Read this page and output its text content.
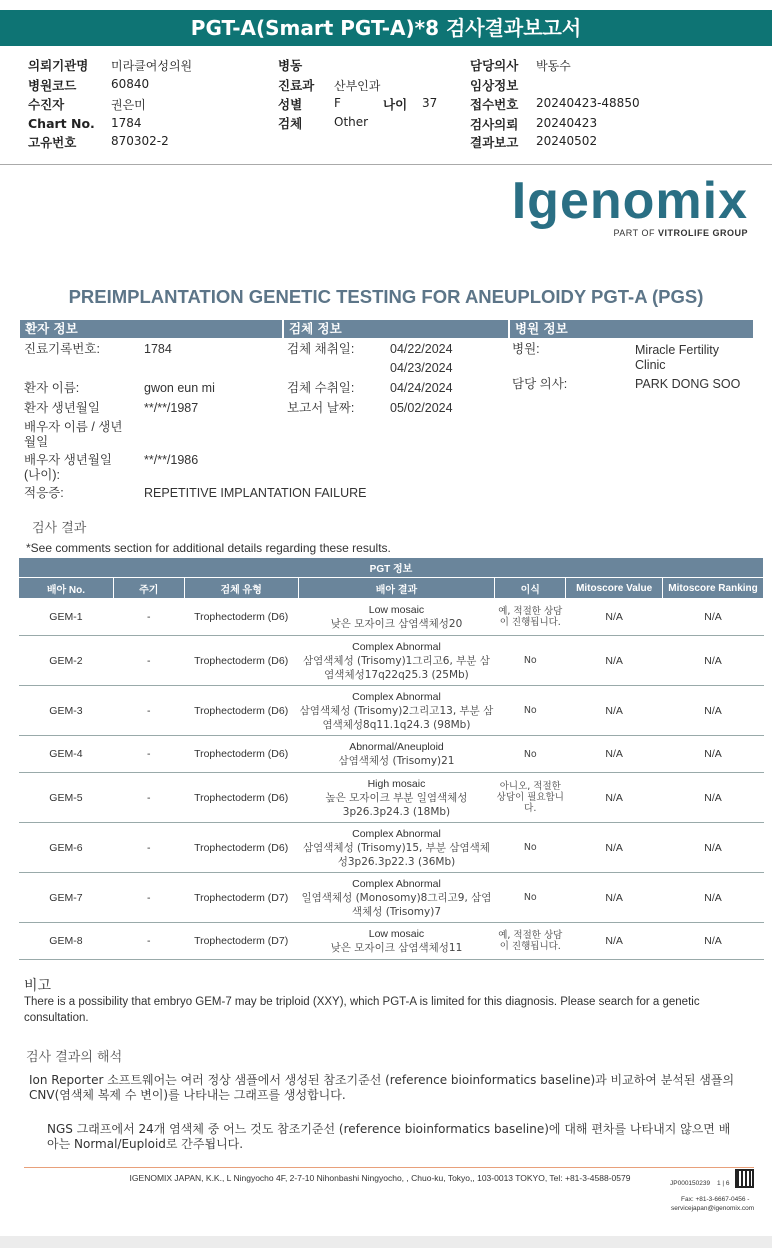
PGT-A(Smart PGT-A)*8 검사결과보고서
의뢰기관명 미라클여성의원
병원코드	60840
수진자	권은미
Chart No. 1784
고유번호	870302-2
병동
진료과 산부인과
성별	F	나이 37
검체	Other
담당의사 박동수
임상정보
접수번호 20240423-48850
검사의뢰 20240423
결과보고 20240502
Igenomix
PART OF VITROLIFE GROUP
PREIMPLANTATION GENETIC TESTING FOR ANEUPLOIDY PGT-A (PGS)
환자 정보	검체 정보	병원 정보
진료기록번호:	1784
환자 이름:	gwon eun mi
환자 생년월일	**/**/1987
배우자 이름 / 생년월일
배우자 생년월일 (나이):
**/**/1986
적응증:	REPETITIVE IMPLANTATION FAILURE
검체 채취일:	04/22/2024
04/23/2024
검체 수취일:	04/24/2024
보고서 날짜:	05/02/2024
병원:	Miracle Fertility Clinic
담당 의사:	PARK DONG SOO
검사 결과
*See comments section for additional details regarding these results.
PGT 정보						
배아 No.	주기	검체 유형	배아 결과	이식	Mitoscore Value	Mitoscore Ranking
GEM-1	-	Trophectoderm (D6)	Low mosaic
낮은 모자이크 삼염색체성20	예, 적절한 상담이 진행됩니다.	N/A	N/A
GEM-2	-	Trophectoderm (D6)	Complex Abnormal
삼염색체성 (Trisomy)1그리고6, 부분 삼염색체성17q22q25.3 (25Mb)	No	N/A	N/A
GEM-3	-	Trophectoderm (D6)	Complex Abnormal
삼염색체성 (Trisomy)2그리고13, 부분 삼염색체성8q11.1q24.3 (98Mb)	No	N/A	N/A
GEM-4	-	Trophectoderm (D6)	Abnormal/Aneuploid
삼염색체성 (Trisomy)21	No	N/A	N/A
GEM-5	-	Trophectoderm (D6)	High mosaic
높은 모자이크 부분 일염색체성3p26.3p24.3 (18Mb)	아니오, 적절한 상담이 필요합니다.	N/A	N/A
GEM-6	-	Trophectoderm (D6)	Complex Abnormal
삼염색체성 (Trisomy)15, 부분 삼염색체성3p26.3p22.3 (36Mb)	No	N/A	N/A
GEM-7	-	Trophectoderm (D7)	Complex Abnormal
일염색체성 (Monosomy)8그리고9, 삼염색체성 (Trisomy)7	No	N/A	N/A
GEM-8	-	Trophectoderm (D7)	Low mosaic
낮은 모자이크 삼염색체성11	예, 적절한 상담이 진행됩니다.	N/A	N/A
비고
There is a possibility that embryo GEM-7 may be triploid (XXY), which PGT-A is limited for this diagnosis. Please search for a genetic consultation.
검사 결과의 해석
Ion Reporter 소프트웨어는 여러 정상 샘플에서 생성된 참조기준선 (reference bioinformatics baseline)과 비교하여 분석된 샘플의 CNV(염색체 복제 수 변이)를 나타내는 그래프를 생성합니다.
NGS 그래프에서 24개 염색체 중 어느 것도 참조기준선 (reference bioinformatics baseline)에 대해 편차를 나타내지 않으면 배아는 Normal/Euploid로 간주됩니다.
IGENOMIX JAPAN, K.K., L Ningyocho 4F, 2-7-10 Nihonbashi Ningyocho, , Chuo-ku, Tokyo,, 103-0013 TOKYO, Tel: +81-3-4588-0579
JP000150239 1 | 6
Fax: +81-3-6667-0456 -
servicejapan@igenomix.com
